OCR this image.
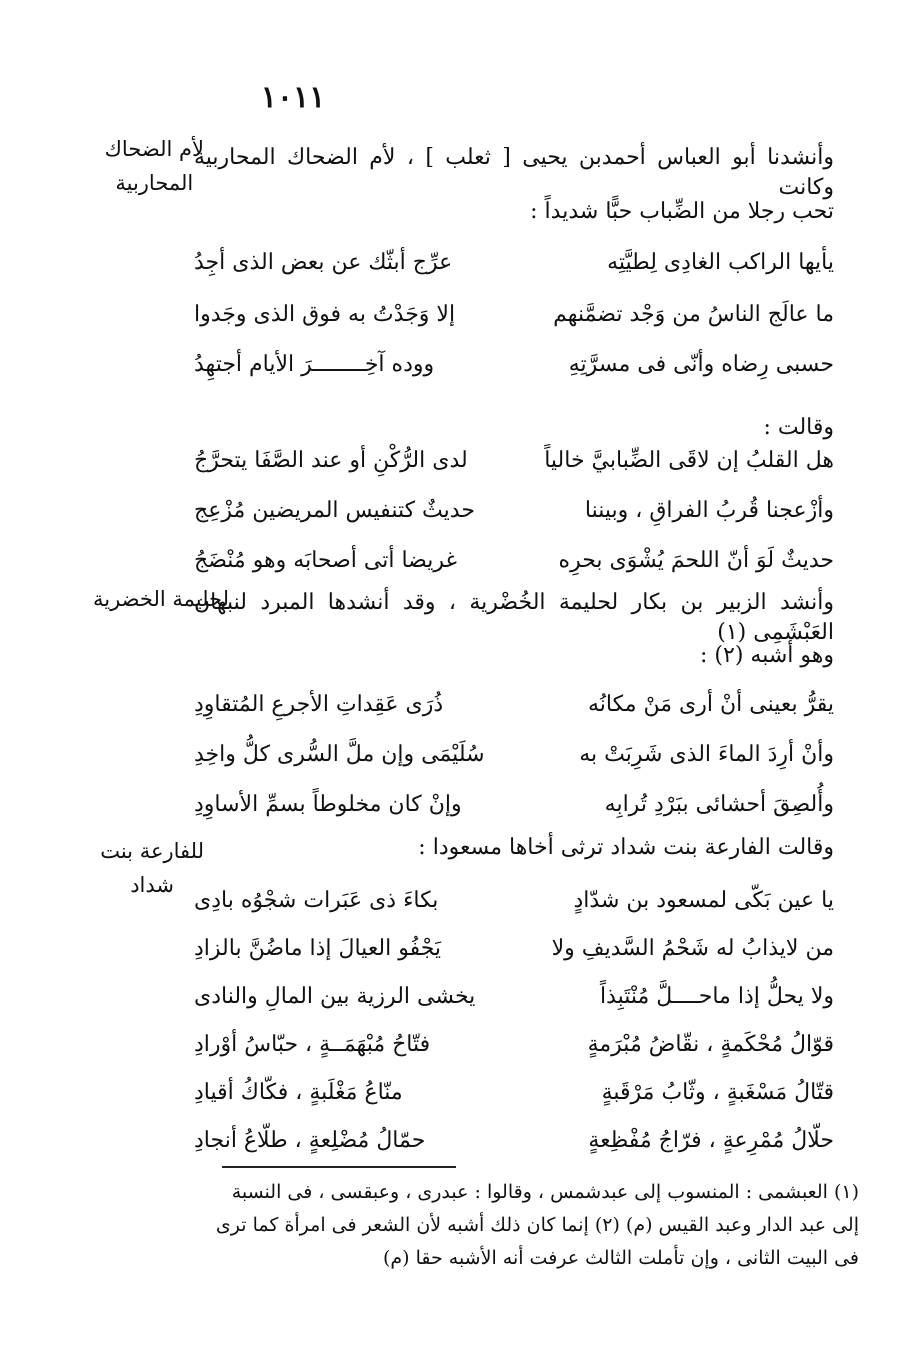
١٠١١
لأم الضحاك
المحاربية
لحليمة الخضرية
للفارعة بنت
شداد
وأنشدنا أبو العباس أحمدبن يحيى [ ثعلب ] ، لأم الضحاك المحاربية وكانت
تحب رجلا من الضِّباب حبًّا شديداً :
يأيها الراكب الغادِى لِطيَّتِه
عرِّج أبثّك عن بعض الذى أجِدُ
ما عالَج الناسُ من وَجْد تضمَّنهم
إلا وَجَدْتُ به فوق الذى وجَدوا
حسبى رِضاه وأنّى فى مسرَّتِهِ
ووده آخِــــــــرَ الأيام أجتهِدُ
وقالت :
هل القلبُ إن لاقَى الضِّبابيَّ خالياً
لدى الرُّكْنِ أو عند الصَّفَا يتحرَّجُ
وأزْعجنا قُربُ الفراقِ ، وبيننا
حديثٌ كتنفيس المريضين مُزْعِج
حديثٌ لَوَ أنّ اللحمَ يُشْوَى بحرِه
غريضا أتى أصحابَه وهو مُنْضَجُ
وأنشد الزبير بن بكار لحليمة الخُضْرية ، وقد أنشدها المبرد لنبهان العَبْشَمِى (١)
وهو أشبه (٢) :
يقرُّ بعينى أنْ أرى مَنْ مكانُه
ذُرَى عَقِداتِ الأجرعِ المُتقاوِدِ
وأنْ أرِدَ الماءَ الذى شَرِبَتْ به
سُلَيْمَى وإن ملَّ السُّرى كلُّ واخِدِ
وأُلصِقَ أحشائى ببَرْدِ تُرابِه
وإنْ كان مخلوطاً بسمِّ الأساوِدِ
وقالت الفارعة بنت شداد ترثى أخاها مسعودا :
يا عين بَكّى لمسعود بن شدّادٍ
بكاءَ ذى عَبَرات شجْوُه بادِى
من لايذابُ له شَحْمُ السَّديفِ ولا
يَجْفُو العيالَ إذا ماضُنَّ بالزادِ
ولا يحلُّ إذا ماحــــلَّ مُنْتَبِذاً
يخشى الرزية بين المالِ والنادى
قوّالُ مُحْكَمةٍ ، نقّاضُ مُبْرَمةٍ
فتّاحُ مُبْهَمَــةٍ ، حبّاسُ أوْرادِ
قتّالُ مَسْغَبةٍ ، وثّابُ مَرْقَبةٍ
منّاعُ مَغْلَبةٍ ، فكّاكُ أقيادِ
حلّالُ مُمْرِعةٍ ، فرّاجُ مُفْظِعةٍ
حمّالُ مُضْلِعةٍ ، طلّاعُ أنجادِ
(١) العبشمى : المنسوب إلى عبدشمس ، وقالوا : عبدرى ، وعبقسى ، فى النسبة
إلى عبد الدار وعبد القيس (م) (٢) إنما كان ذلك أشبه لأن الشعر فى امرأة كما ترى
فى البيت الثانى ، وإن تأملت الثالث عرفت أنه الأشبه حقا (م)
